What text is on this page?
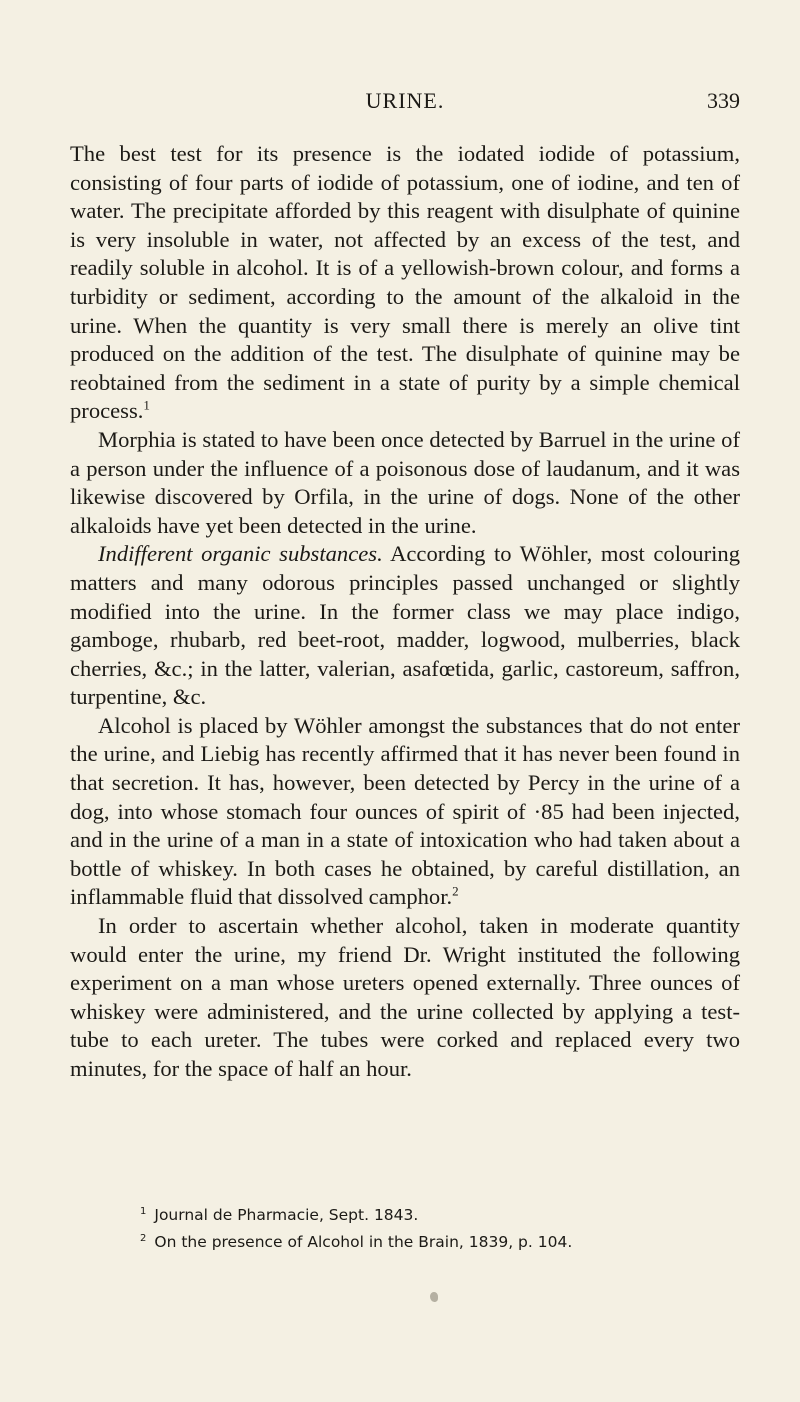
URINE.	339

The best test for its presence is the iodated iodide of potassium, consisting of four parts of iodide of potassium, one of iodine, and ten of water. The precipitate afforded by this reagent with disulphate of quinine is very insoluble in water, not affected by an excess of the test, and readily soluble in alcohol. It is of a yellowish-brown colour, and forms a turbidity or sediment, according to the amount of the alkaloid in the urine. When the quantity is very small there is merely an olive tint produced on the addition of the test. The disulphate of quinine may be reobtained from the sediment in a state of purity by a simple chemical process.$^1$

Morphia is stated to have been once detected by Barruel in the urine of a person under the influence of a poisonous dose of laudanum, and it was likewise discovered by Orfila, in the urine of dogs. None of the other alkaloids have yet been detected in the urine.

Indifferent organic substances. According to Wöhler, most colouring matters and many odorous principles passed unchanged or slightly modified into the urine. In the former class we may place indigo, gamboge, rhubarb, red beet-root, madder, logwood, mulberries, black cherries, &c.; in the latter, valerian, asafœtida, garlic, castoreum, saffron, turpentine, &c.

Alcohol is placed by Wöhler amongst the substances that do not enter the urine, and Liebig has recently affirmed that it has never been found in that secretion. It has, however, been detected by Percy in the urine of a dog, into whose stomach four ounces of spirit of ·85 had been injected, and in the urine of a man in a state of intoxication who had taken about a bottle of whiskey. In both cases he obtained, by careful distillation, an inflammable fluid that dissolved camphor.$^2$

In order to ascertain whether alcohol, taken in moderate quantity would enter the urine, my friend Dr. Wright instituted the following experiment on a man whose ureters opened externally. Three ounces of whiskey were administered, and the urine collected by applying a test-tube to each ureter. The tubes were corked and replaced every two minutes, for the space of half an hour.

$^1$ Journal de Pharmacie, Sept. 1843.
$^2$ On the presence of Alcohol in the Brain, 1839, p. 104.
